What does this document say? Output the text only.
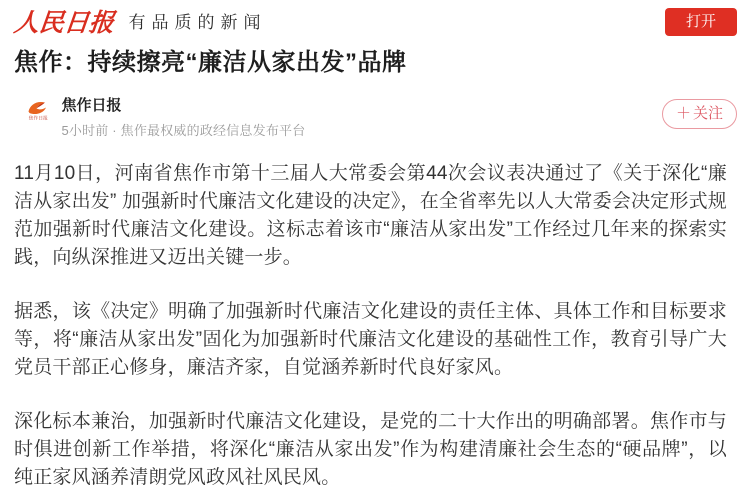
人民日报 有品质的新闻	打开
焦作：持续擦亮“廉洁从家出发”品牌
焦作日报
焦作日报
5小时前 · 焦作最权威的政经信息发布平台
＋ 关注

11月10日，河南省焦作市第十三届人大常委会第44次会议表决通过了《关于深化“廉洁从家出发” 加强新时代廉洁文化建设的决定》，在全省率先以人大常委会决定形式规范加强新时代廉洁文化建设。这标志着该市“廉洁从家出发”工作经过几年来的探索实践，向纵深推进又迈出关键一步。

据悉，该《决定》明确了加强新时代廉洁文化建设的责任主体、具体工作和目标要求等，将“廉洁从家出发”固化为加强新时代廉洁文化建设的基础性工作，教育引导广大党员干部正心修身，廉洁齐家，自觉涵养新时代良好家风。

深化标本兼治，加强新时代廉洁文化建设，是党的二十大作出的明确部署。焦作市与时俱进创新工作举措，将深化“廉洁从家出发”作为构建清廉社会生态的“硬品牌”，以纯正家风涵养清朗党风政风社风民风。
